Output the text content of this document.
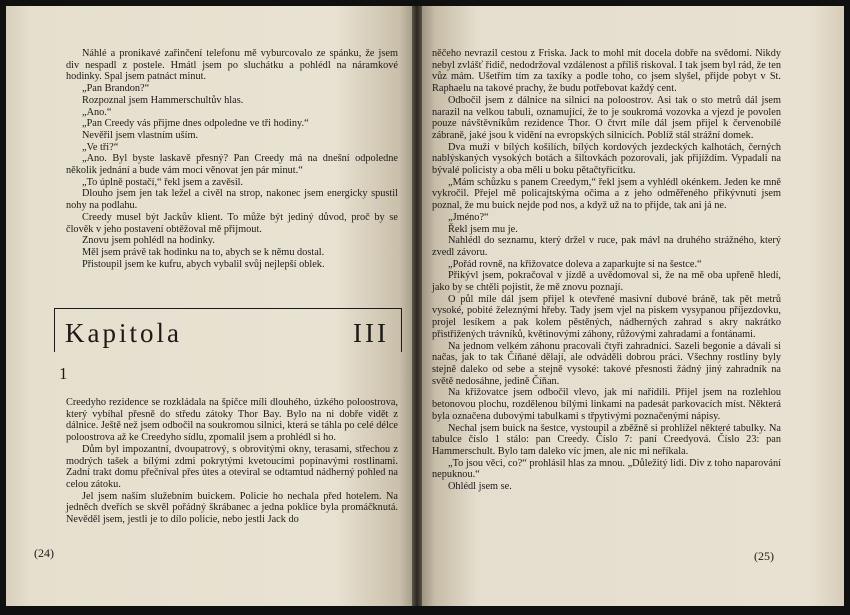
Náhlé a pronikavé zařinčení telefonu mě vyburcovalo ze spánku, že jsem div nespadl z postele. Hmátl jsem po sluchátku a pohlédl na náramkové hodinky. Spal jsem patnáct minut.

„Pan Brandon?“

Rozpoznal jsem Hammerschultův hlas.

„Ano.“

„Pan Creedy vás přijme dnes odpoledne ve tři hodiny.“

Nevěřil jsem vlastním uším.

„Ve tři?“

„Ano. Byl byste laskavě přesný? Pan Creedy má na dnešní odpoledne několik jednání a bude vám moci věnovat jen pár minut.“

„To úplně postačí,“ řekl jsem a zavěsil.

Dlouho jsem jen tak ležel a civěl na strop, nakonec jsem energicky spustil nohy na podlahu.

Creedy musel být Jackův klient. To může být jediný důvod, proč by se člověk v jeho postavení obtěžoval mě přijmout.

Znovu jsem pohlédl na hodinky.

Měl jsem právě tak hodinku na to, abych se k němu dostal.

Přistoupil jsem ke kufru, abych vybalil svůj nejlepší oblek.

Kapitola	III
1

Creedyho rezidence se rozkládala na špičce míli dlouhého, úzkého poloostrova, který vybíhal přesně do středu zátoky Thor Bay. Bylo na ni dobře vidět z dálnice. Ještě než jsem odbočil na soukromou silnici, která se táhla po celé délce poloostrova až ke Creedyho sídlu, zpomalil jsem a prohlédl si ho.

Dům byl impozantní, dvoupatrový, s obrovitými okny, terasami, střechou z modrých tašek a bílými zdmi pokrytými kvetoucími popínavými rostlinami. Zadní trakt domu přečníval přes útes a oteviral se odtamtud nádherný pohled na celou zátoku.

Jel jsem naším služebním buickem. Policie ho nechala před hotelem. Na jedněch dveřích se skvěl pořádný škrábanec a jedna poklice byla promáčknutá. Nevěděl jsem, jestli je to dílo policie, nebo jestli Jack do

(24)

něčeho nevrazil cestou z Friska. Jack to mohl mít docela dobře na svědomí. Nikdy nebyl zvlášť řidič, nedodržoval vzdálenost a příliš riskoval. I tak jsem byl rád, že ten vůz mám. Ušetřím tím za taxíky a podle toho, co jsem slyšel, přijde pobyt v St. Raphaelu na takové prachy, že budu potřebovat každý cent.

Odbočil jsem z dálnice na silnici na poloostrov. Asi tak o sto metrů dál jsem narazil na velkou tabuli, oznamující, že to je soukromá vozovka a vjezd je povolen pouze návštěvníkům rezidence Thor. O čtvrt míle dál jsem přijel k červenobílé zábraně, jaké jsou k vidění na evropských silnicích. Poblíž stál strážní domek.

Dva muži v bílých košilích, bílých kordových jezdeckých kalhotách, černých nablýskaných vysokých botách a šiltovkách pozorovali, jak přijíždím. Vypadali na bývalé policisty a oba měli u boku pětačtyřicítku.

„Mám schůzku s panem Creedym,“ řekl jsem a vyhlédl okénkem. Jeden ke mně vykročil. Přejel mě policajtskýma očima a z jeho odměřeného přikývnutí jsem poznal, že mu buick nejde pod nos, a když už na to přijde, tak ani já ne.

„Jméno?“

Řekl jsem mu je.

Nahlédl do seznamu, který držel v ruce, pak mávl na druhého strážného, který zvedl závoru.

„Pořád rovně, na křižovatce doleva a zaparkujte si na šestce.“

Přikývl jsem, pokračoval v jízdě a uvědomoval si, že na mě oba upřeně hledí, jako by se chtěli pojistit, že mě znovu poznají.

O půl míle dál jsem přijel k otevřené masivní dubové bráně, tak pět metrů vysoké, pobité železnými hřeby. Tady jsem vjel na piskem vysypanou příjezdovku, projel lesíkem a pak kolem pěstěných, nádherných zahrad s akry nakrátko přistřižených trávníků, květinovými záhony, růžovými zahradami a fontánami.

Na jednom velkém záhonu pracovali čtyři zahradníci. Sazeli begonie a dávali si načas, jak to tak Číňané dělají, ale odváděli dobrou práci. Všechny rostliny byly stejně daleko od sebe a stejně vysoké: takové přesnosti žádný jiný zahradník na světě nedosáhne, jedině Číňan.

Na křižovatce jsem odbočil vlevo, jak mi nařídili. Přijel jsem na rozlehlou betonovou plochu, rozdělenou bílými linkami na padesát parkovacích míst. Některá byla označena dubovými tabulkami s třpytivými poznačenými nápisy.

Nechal jsem buick na šestce, vystoupil a zběžně si prohlížel některé tabulky. Na tabulce číslo 1 stálo: pan Creedy. Číslo 7: paní Creedyová. Číslo 23: pan Hammerschult. Bylo tam daleko víc jmen, ale nic mi neříkala.

„To jsou věci, co?“ prohlásil hlas za mnou. „Důležitý lidi. Div z toho naparování nepuknou.“

Ohlédl jsem se.

(25)
